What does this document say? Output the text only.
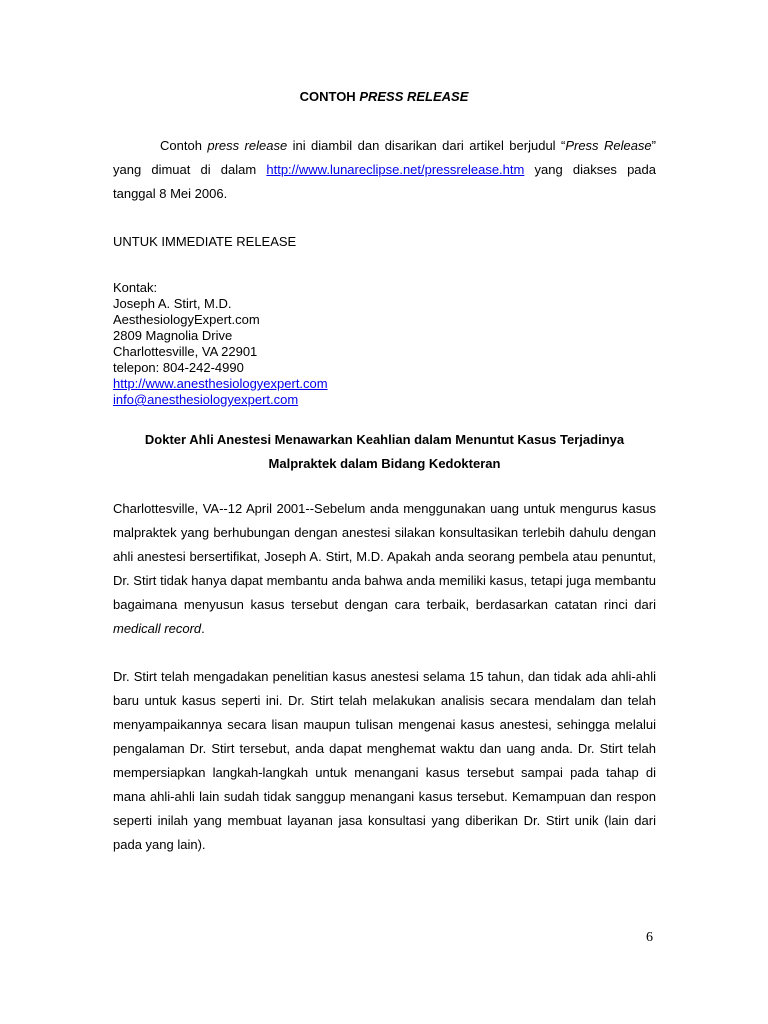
CONTOH PRESS RELEASE

Contoh press release ini diambil dan disarikan dari artikel berjudul “Press Release” yang dimuat di dalam http://www.lunareclipse.net/pressrelease.htm yang diakses pada tanggal 8 Mei 2006.

UNTUK IMMEDIATE RELEASE

Kontak:
Joseph A. Stirt, M.D.
AesthesiologyExpert.com
2809 Magnolia Drive
Charlottesville, VA 22901
telepon: 804-242-4990
http://www.anesthesiologyexpert.com
info@anesthesiologyexpert.com
Dokter Ahli Anestesi Menawarkan Keahlian dalam Menuntut Kasus Terjadinya Malpraktek dalam Bidang Kedokteran

Charlottesville, VA--12 April 2001--Sebelum anda menggunakan uang untuk mengurus kasus malpraktek yang berhubungan dengan anestesi silakan konsultasikan terlebih dahulu dengan ahli anestesi bersertifikat, Joseph A. Stirt, M.D. Apakah anda seorang pembela atau penuntut, Dr. Stirt tidak hanya dapat membantu anda bahwa anda memiliki kasus, tetapi juga membantu bagaimana menyusun kasus tersebut dengan cara terbaik, berdasarkan catatan rinci dari medicall record.

Dr. Stirt telah mengadakan penelitian kasus anestesi selama 15 tahun, dan tidak ada ahli-ahli baru untuk kasus seperti ini. Dr. Stirt telah melakukan analisis secara mendalam dan telah menyampaikannya secara lisan maupun tulisan mengenai kasus anestesi, sehingga melalui pengalaman Dr. Stirt tersebut, anda dapat menghemat waktu dan uang anda. Dr. Stirt telah mempersiapkan langkah-langkah untuk menangani kasus tersebut sampai pada tahap di mana ahli-ahli lain sudah tidak sanggup menangani kasus tersebut. Kemampuan dan respon seperti inilah yang membuat layanan jasa konsultasi yang diberikan Dr. Stirt unik (lain dari pada yang lain).

6
